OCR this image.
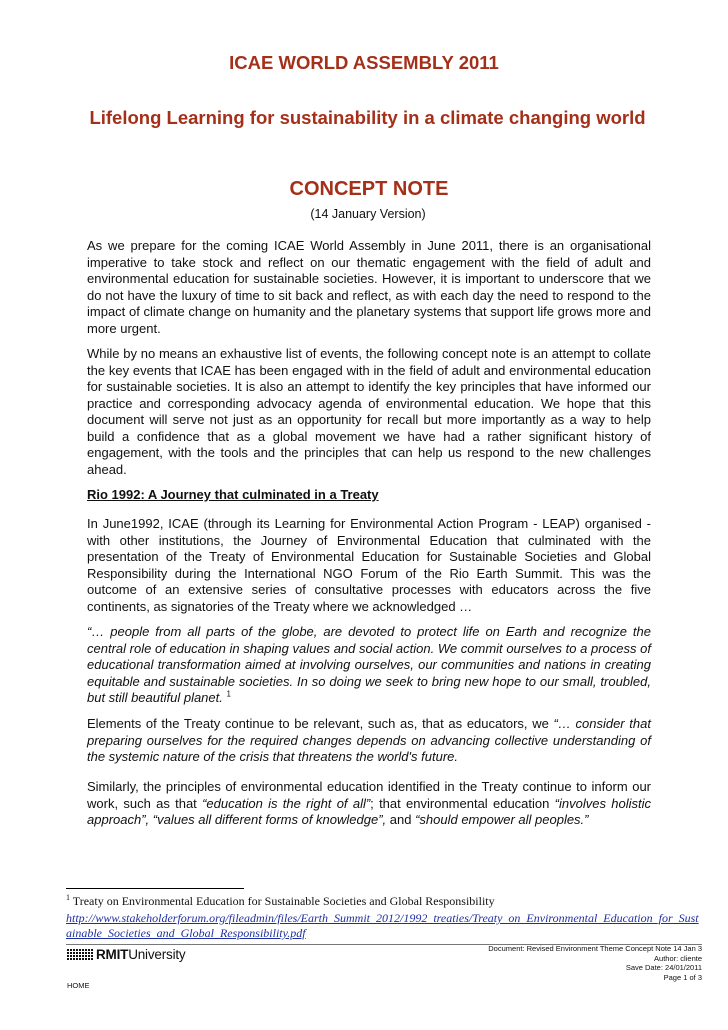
ICAE WORLD ASSEMBLY 2011
Lifelong Learning for sustainability in a climate changing world
CONCEPT NOTE
(14 January Version)
As we prepare for the coming ICAE World Assembly in June 2011, there is an organisational imperative to take stock and reflect on our thematic engagement with the field of adult and environmental education for sustainable societies. However, it is important to underscore that we do not have the luxury of time to sit back and reflect, as with each day the need to respond to the impact of climate change on humanity and the planetary systems that support life grows more and more urgent.
While by no means an exhaustive list of events, the following concept note is an attempt to collate the key events that ICAE has been engaged with in the field of adult and environmental education for sustainable societies. It is also an attempt to identify the key principles that have informed our practice and corresponding advocacy agenda of environmental education. We hope that this document will serve not just as an opportunity for recall but more importantly as a way to help build a confidence that as a global movement we have had a rather significant history of engagement, with the tools and the principles that can help us respond to the new challenges ahead.
Rio 1992: A Journey that culminated in a Treaty
In June1992, ICAE (through its Learning for Environmental Action Program - LEAP) organised - with other institutions, the Journey of Environmental Education that culminated with the presentation of the Treaty of Environmental Education for Sustainable Societies and Global Responsibility during the International NGO Forum of the Rio Earth Summit. This was the outcome of an extensive series of consultative processes with educators across the five continents, as signatories of the Treaty where we acknowledged …
“… people from all parts of the globe, are devoted to protect life on Earth and recognize the central role of education in shaping values and social action. We commit ourselves to a process of educational transformation aimed at involving ourselves, our communities and nations in creating equitable and sustainable societies. In so doing we seek to bring new hope to our small, troubled, but still beautiful planet. $^1$
Elements of the Treaty continue to be relevant, such as, that as educators, we “… consider that preparing ourselves for the required changes depends on advancing collective understanding of the systemic nature of the crisis that threatens the world's future.
Similarly, the principles of environmental education identified in the Treaty continue to inform our work, such as that “education is the right of all”; that environmental education “involves holistic approach”, “values all different forms of knowledge”, and “should empower all peoples.”
$^1$ Treaty on Environmental Education for Sustainable Societies and Global Responsibility
http://www.stakeholderforum.org/fileadmin/files/Earth_Summit_2012/1992_treaties/Treaty_on_Environmental_Education_for_Sustainable_Societies_and_Global_Responsibility.pdf
RMITUniversity	Document: Revised Environment Theme Concept Note 14 Jan 3
Author: cliente
Save Date: 24/01/2011
Page 1 of 3
HOME
